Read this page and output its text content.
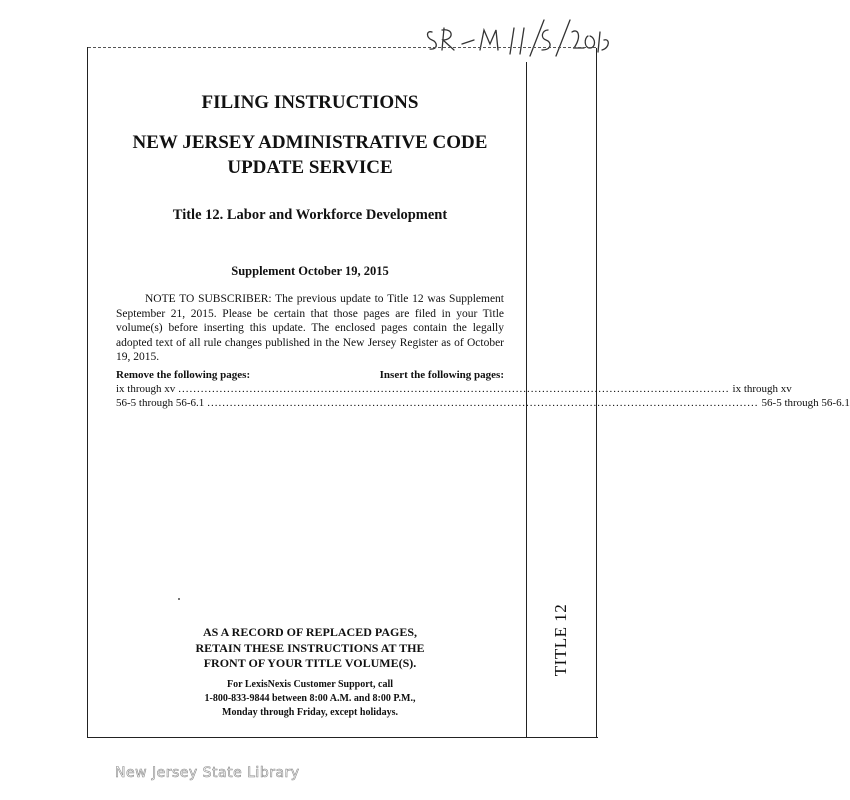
TITLE 12
FILING INSTRUCTIONS
NEW JERSEY ADMINISTRATIVE CODE
UPDATE SERVICE
Title 12. Labor and Workforce Development
Supplement October 19, 2015
NOTE TO SUBSCRIBER: The previous update to Title 12 was Supplement September 21, 2015. Please be certain that those pages are filed in your Title volume(s) before inserting this update. The enclosed pages contain the legally adopted text of all rule changes published in the New Jersey Register as of October 19, 2015.
Remove the following pages:	Insert the following pages:
ix through xv ................................................................................................................................................... ix through xv
56-5 through 56-6.1 ................................................................................................................................................... 56-5 through 56-6.1
AS A RECORD OF REPLACED PAGES,
RETAIN THESE INSTRUCTIONS AT THE
FRONT OF YOUR TITLE VOLUME(S).
For LexisNexis Customer Support, call
1-800-833-9844 between 8:00 A.M. and 8:00 P.M.,
Monday through Friday, except holidays.
New Jersey State Library
